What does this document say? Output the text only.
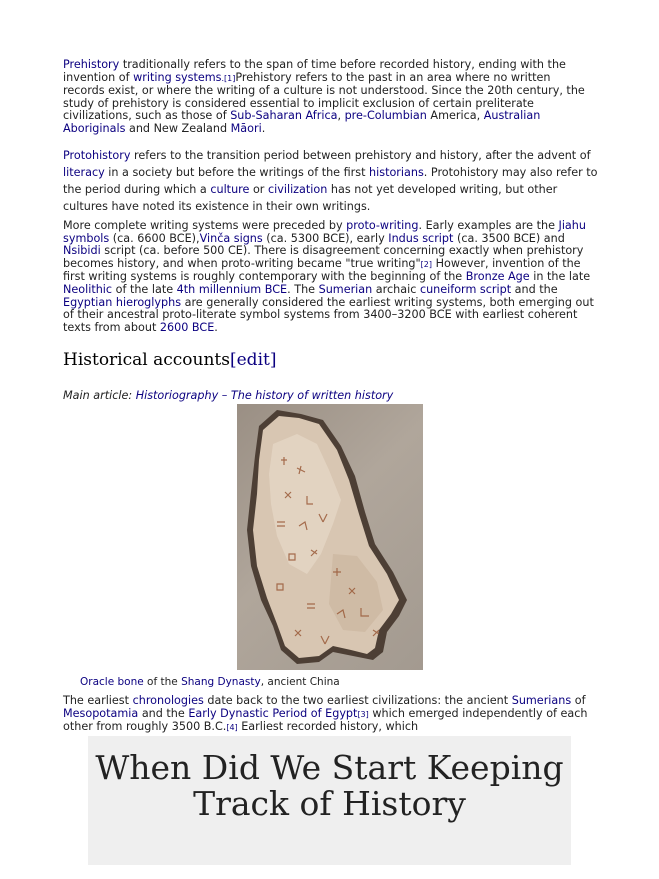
Prehistory traditionally refers to the span of time before recorded history, ending with the invention of writing systems.[1]Prehistory refers to the past in an area where no written records exist, or where the writing of a culture is not understood. Since the 20th century, the study of prehistory is considered essential to implicit exclusion of certain preliterate civilizations, such as those of Sub-Saharan Africa, pre-Columbian America, Australian Aboriginals and New Zealand Māori.

Protohistory refers to the transition period between prehistory and history, after the advent of literacy in a society but before the writings of the first historians. Protohistory may also refer to the period during which a culture or civilization has not yet developed writing, but other cultures have noted its existence in their own writings.

More complete writing systems were preceded by proto-writing. Early examples are the Jiahu symbols (ca. 6600 BCE),Vinča signs (ca. 5300 BCE), early Indus script (ca. 3500 BCE) and Nsibidi script (ca. before 500 CE). There is disagreement concerning exactly when prehistory becomes history, and when proto-writing became "true writing"[2] However, invention of the first writing systems is roughly contemporary with the beginning of the Bronze Age in the late Neolithic of the late 4th millennium BCE. The Sumerian archaic cuneiform script and the Egyptian hieroglyphs are generally considered the earliest writing systems, both emerging out of their ancestral proto-literate symbol systems from 3400–3200 BCE with earliest coherent texts from about 2600 BCE.

Historical accounts[edit]
Main article: Historiography – The history of written history
Oracle bone of the Shang Dynasty, ancient China

The earliest chronologies date back to the two earliest civilizations: the ancient Sumerians of Mesopotamia and the Early Dynastic Period of Egypt[3] which emerged independently of each other from roughly 3500 B.C.[4] Earliest recorded history, which

When Did We Start Keeping Track of History
